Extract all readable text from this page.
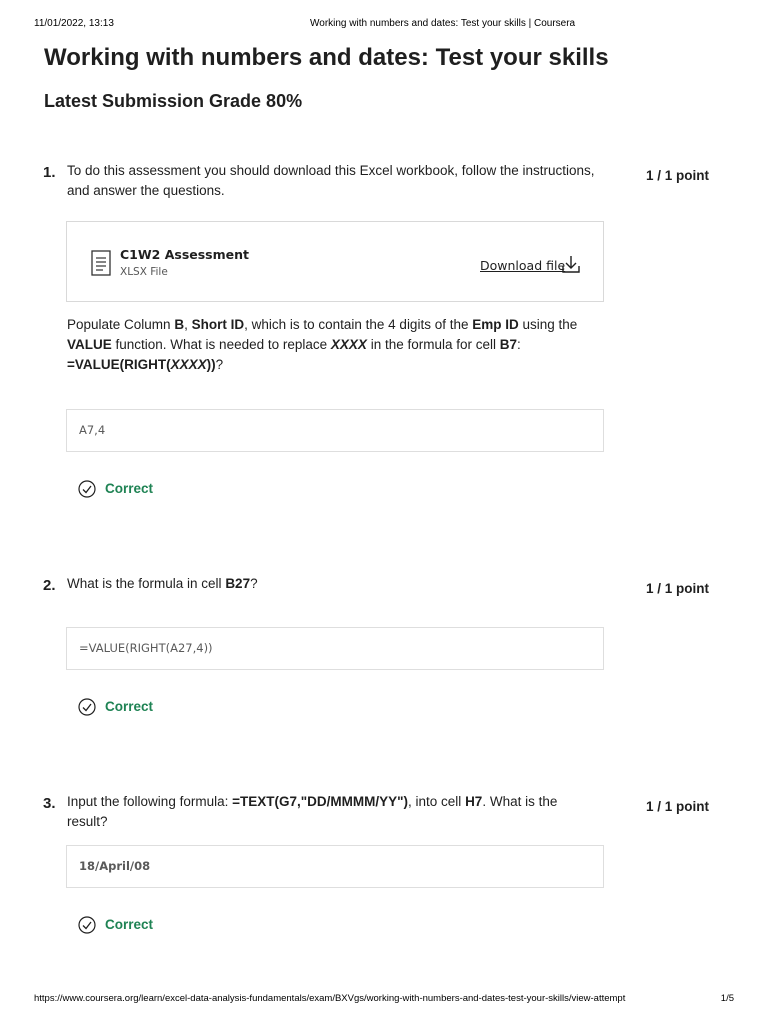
11/01/2022, 13:13	Working with numbers and dates: Test your skills | Coursera
Working with numbers and dates: Test your skills
Latest Submission Grade 80%
1.	1 / 1 point

To do this assessment you should download this Excel workbook, follow the instructions, and answer the questions.

C1W2 Assessment
XLSX File	Download file

Populate Column B, Short ID, which is to contain the 4 digits of the Emp ID using the VALUE function. What is needed to replace XXXX in the formula for cell B7:
=VALUE(RIGHT(XXXX))?

A7,4
Correct
2.	1 / 1 point

What is the formula in cell B27?

=VALUE(RIGHT(A27,4))
Correct
3.	1 / 1 point

Input the following formula: =TEXT(G7,"DD/MMMM/YY"), into cell H7. What is the result?

18/April/08
Correct
https://www.coursera.org/learn/excel-data-analysis-fundamentals/exam/BXVgs/working-with-numbers-and-dates-test-your-skills/view-attempt	1/5
